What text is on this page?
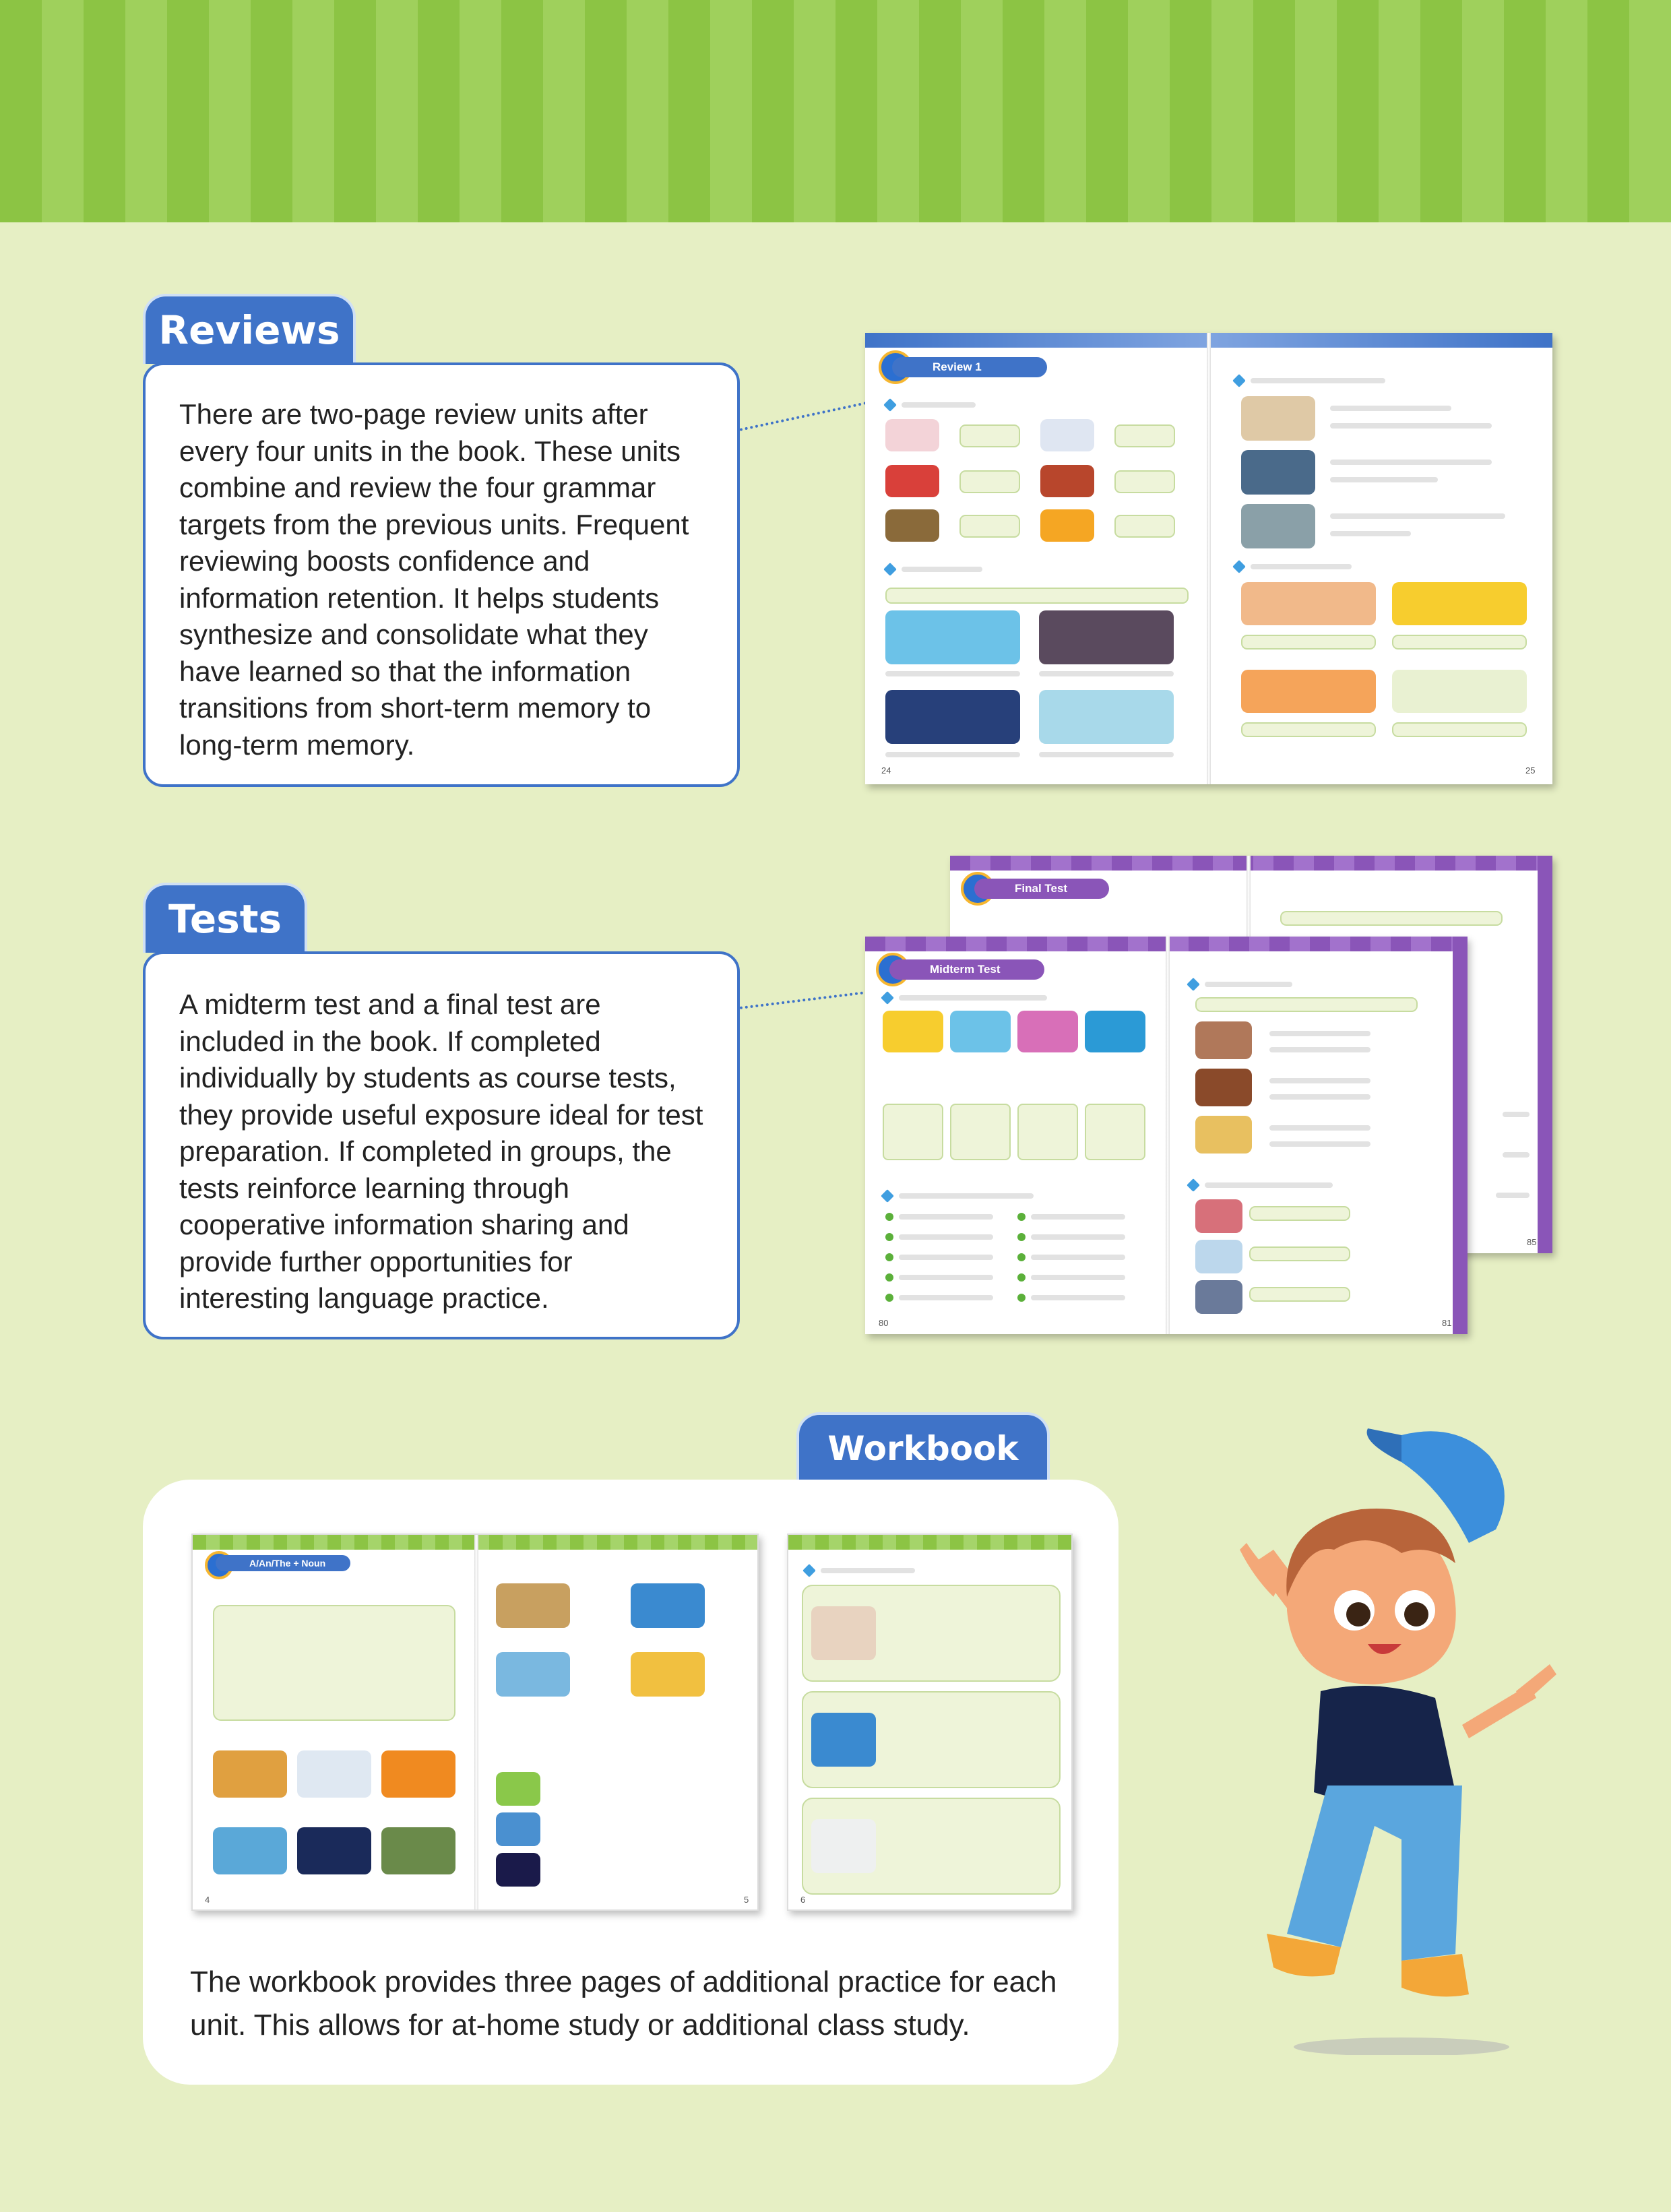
Reviews

There are two-page review units after every four units in the book. These units combine and review the four grammar targets from the previous units. Frequent reviewing boosts confidence and information retention. It helps students synthesize and consolidate what they have learned so that the information transitions from short-term memory to long-term memory.

Review 1
24	25
Tests

A midterm test and a final test are included in the book. If completed individually by students as course tests, they provide useful exposure ideal for test preparation. If completed in groups, the tests reinforce learning through cooperative information sharing and provide further opportunities for interesting language practice.

Final Test
85
Midterm Test
80	81
Workbook

The workbook provides three pages of additional practice for each unit. This allows for at-home study or additional class study.

A/An/The + Noun
4	5	6
